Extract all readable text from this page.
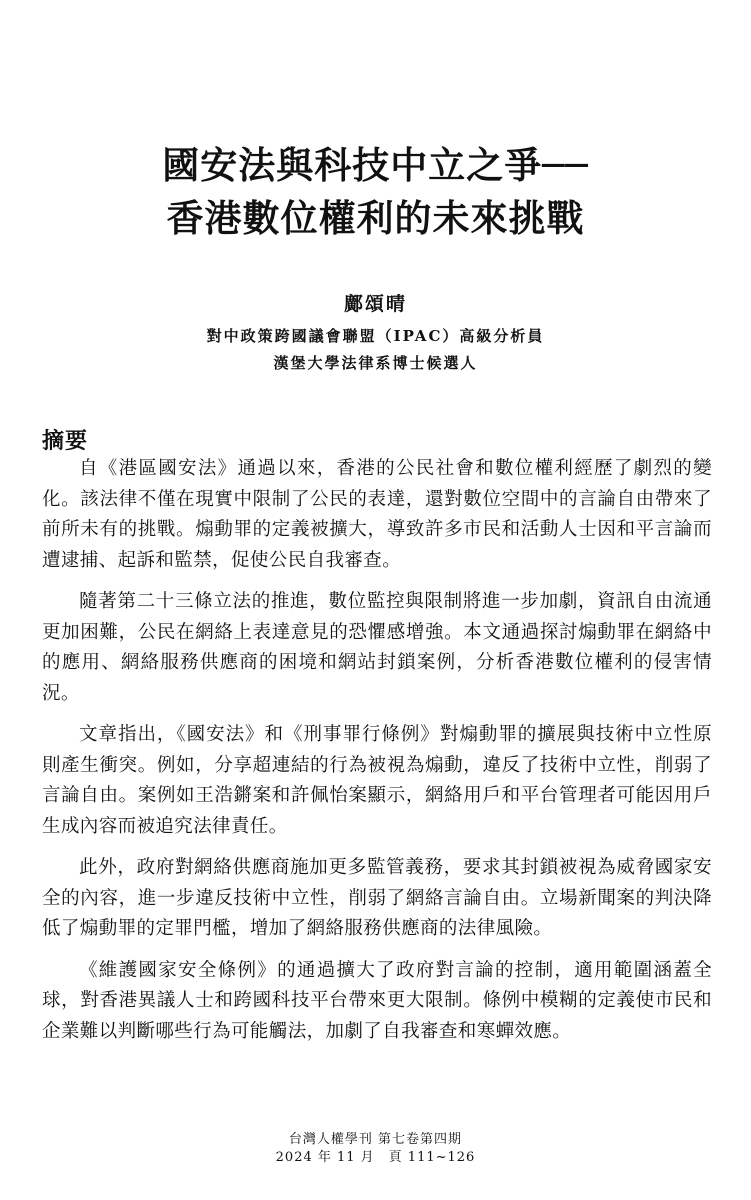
國安法與科技中立之爭──
香港數位權利的未來挑戰
鄺頌晴
對中政策跨國議會聯盟（IPAC）高級分析員
漢堡大學法律系博士候選人
摘要

自《港區國安法》通過以來，香港的公民社會和數位權利經歷了劇烈的變化。該法律不僅在現實中限制了公民的表達，還對數位空間中的言論自由帶來了前所未有的挑戰。煽動罪的定義被擴大，導致許多市民和活動人士因和平言論而遭逮捕、起訴和監禁，促使公民自我審查。

隨著第二十三條立法的推進，數位監控與限制將進一步加劇，資訊自由流通更加困難，公民在網絡上表達意見的恐懼感增強。本文通過探討煽動罪在網絡中的應用、網絡服務供應商的困境和網站封鎖案例，分析香港數位權利的侵害情況。

文章指出，《國安法》和《刑事罪行條例》對煽動罪的擴展與技術中立性原則產生衝突。例如，分享超連結的行為被視為煽動，違反了技術中立性，削弱了言論自由。案例如王浩鏘案和許佩怡案顯示，網絡用戶和平台管理者可能因用戶生成內容而被追究法律責任。

此外，政府對網絡供應商施加更多監管義務，要求其封鎖被視為威脅國家安全的內容，進一步違反技術中立性，削弱了網絡言論自由。立場新聞案的判決降低了煽動罪的定罪門檻，增加了網絡服務供應商的法律風險。

《維護國家安全條例》的通過擴大了政府對言論的控制，適用範圍涵蓋全球，對香港異議人士和跨國科技平台帶來更大限制。條例中模糊的定義使市民和企業難以判斷哪些行為可能觸法，加劇了自我審查和寒蟬效應。

台灣人權學刊 第七卷第四期
2024 年 11 月　頁 111~126
